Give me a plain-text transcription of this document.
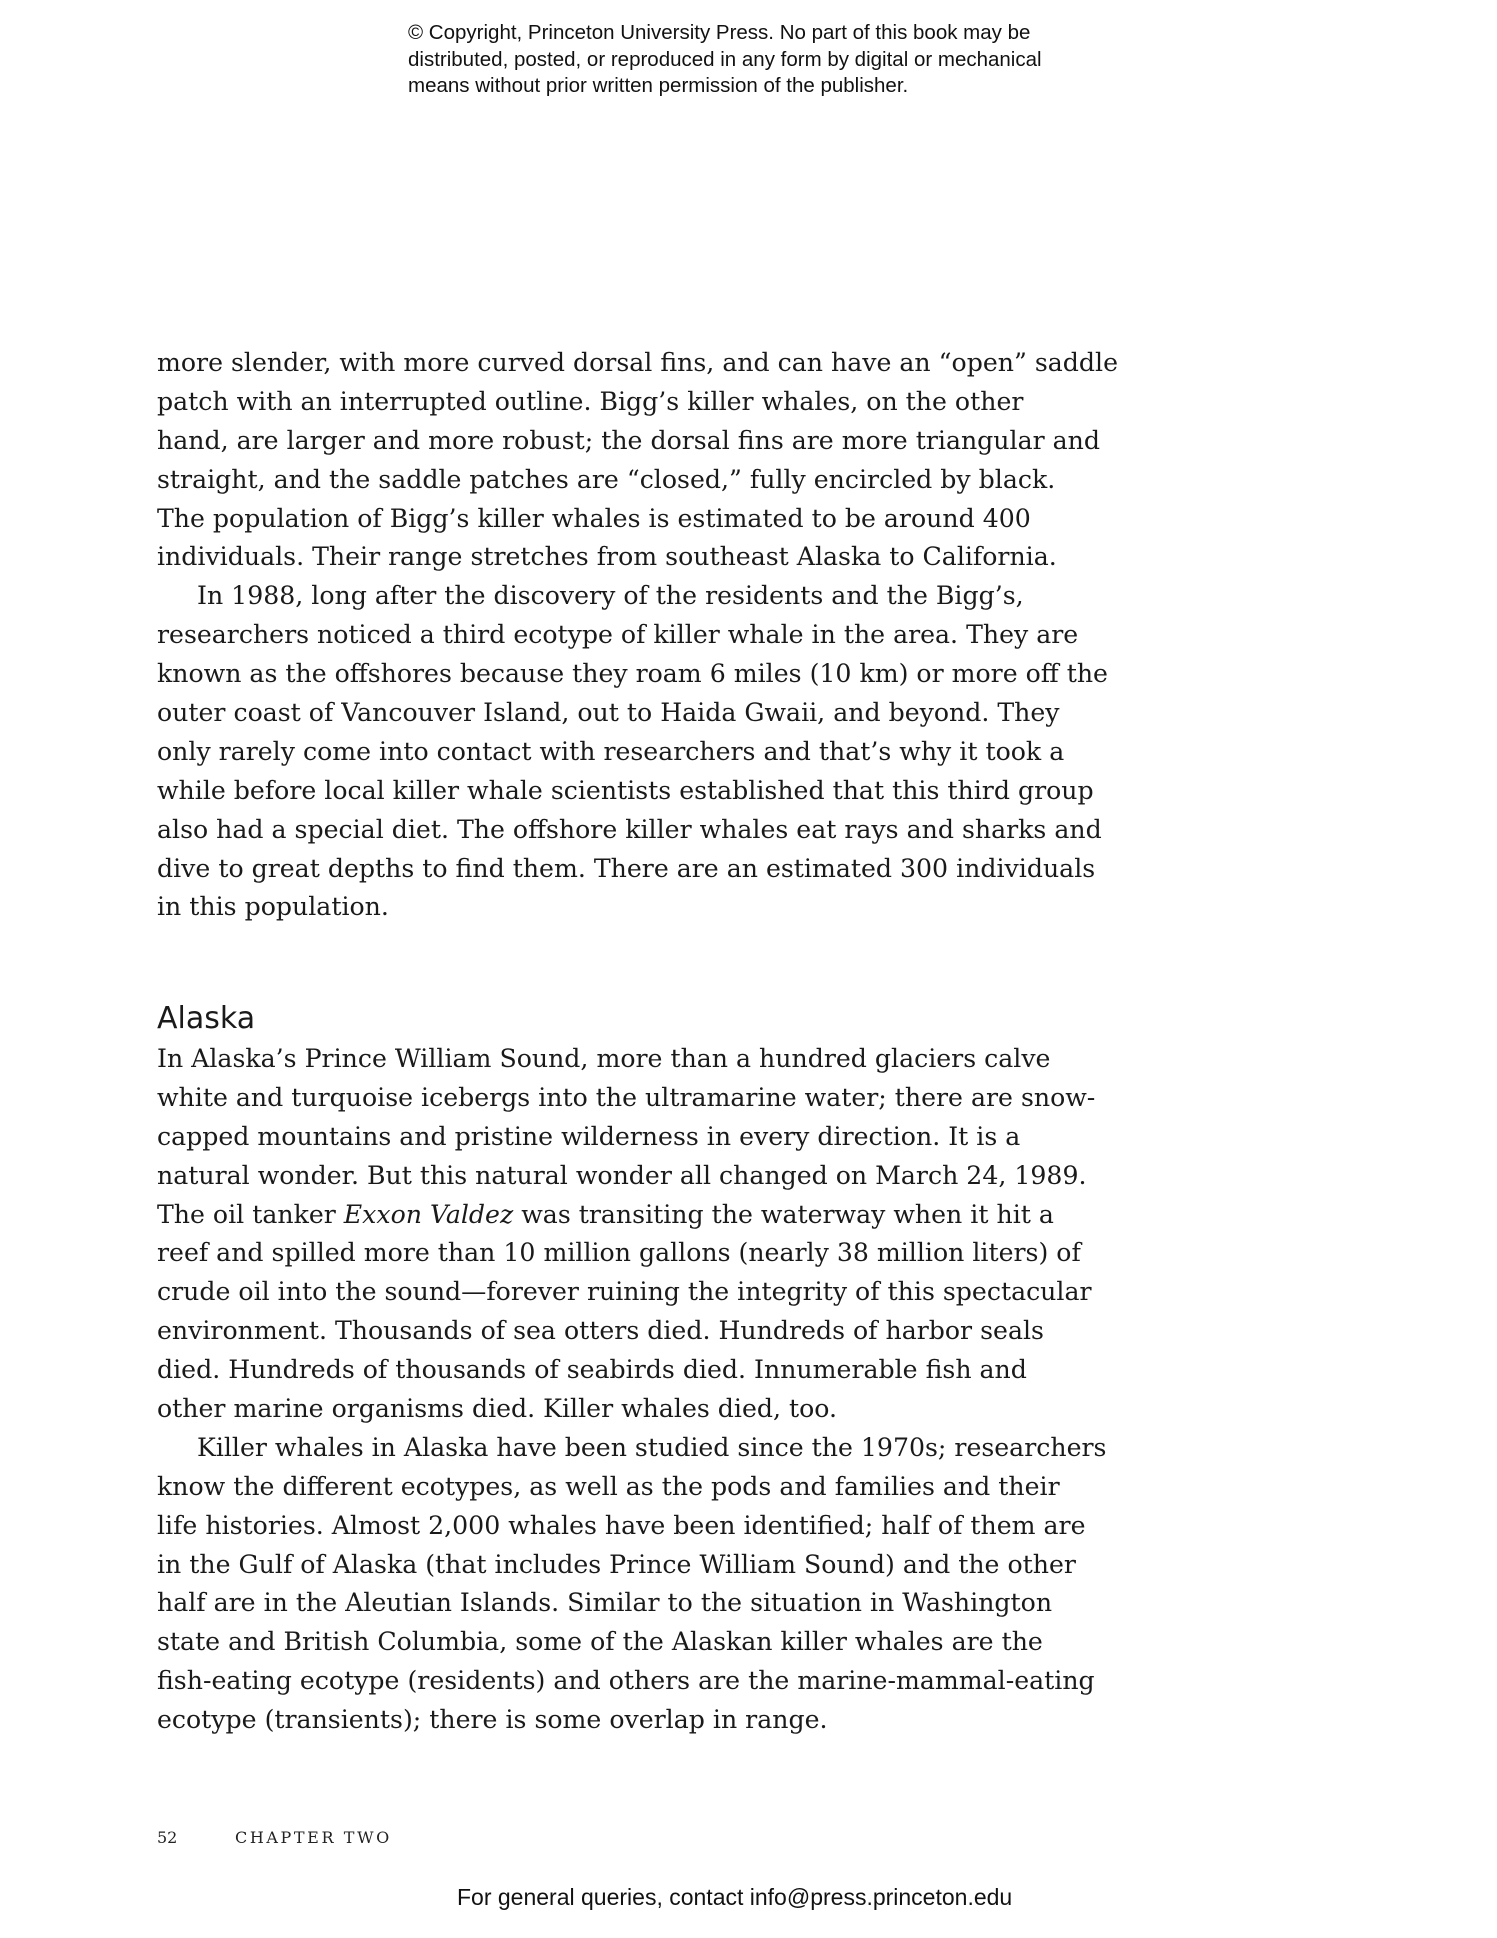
© Copyright, Princeton University Press. No part of this book may be
distributed, posted, or reproduced in any form by digital or mechanical
means without prior written permission of the publisher.
more slender, with more curved dorsal fins, and can have an “open” saddle
patch with an interrupted outline. Bigg’s killer whales, on the other
hand, are larger and more robust; the dorsal fins are more triangular and
straight, and the saddle patches are “closed,” fully encircled by black.
The population of Bigg’s killer whales is estimated to be around 400
individuals. Their range stretches from southeast Alaska to California.
In 1988, long after the discovery of the residents and the Bigg’s,
researchers noticed a third ecotype of killer whale in the area. They are
known as the offshores because they roam 6 miles (10 km) or more off the
outer coast of Vancouver Island, out to Haida Gwaii, and beyond. They
only rarely come into contact with researchers and that’s why it took a
while before local killer whale scientists established that this third group
also had a special diet. The offshore killer whales eat rays and sharks and
dive to great depths to find them. There are an estimated 300 individuals
in this population.
Alaska
In Alaska’s Prince William Sound, more than a hundred glaciers calve
white and turquoise icebergs into the ultramarine water; there are snow-
capped mountains and pristine wilderness in every direction. It is a
natural wonder. But this natural wonder all changed on March 24, 1989.
The oil tanker Exxon Valdez was transiting the waterway when it hit a
reef and spilled more than 10 million gallons (nearly 38 million liters) of
crude oil into the sound—forever ruining the integrity of this spectacular
environment. Thousands of sea otters died. Hundreds of harbor seals
died. Hundreds of thousands of seabirds died. Innumerable fish and
other marine organisms died. Killer whales died, too.
Killer whales in Alaska have been studied since the 1970s; researchers
know the different ecotypes, as well as the pods and families and their
life histories. Almost 2,000 whales have been identified; half of them are
in the Gulf of Alaska (that includes Prince William Sound) and the other
half are in the Aleutian Islands. Similar to the situation in Washington
state and British Columbia, some of the Alaskan killer whales are the
fish-eating ecotype (residents) and others are the marine-mammal-eating
ecotype (transients); there is some overlap in range.
52	CHAPTER TWO
For general queries, contact info@press.princeton.edu
